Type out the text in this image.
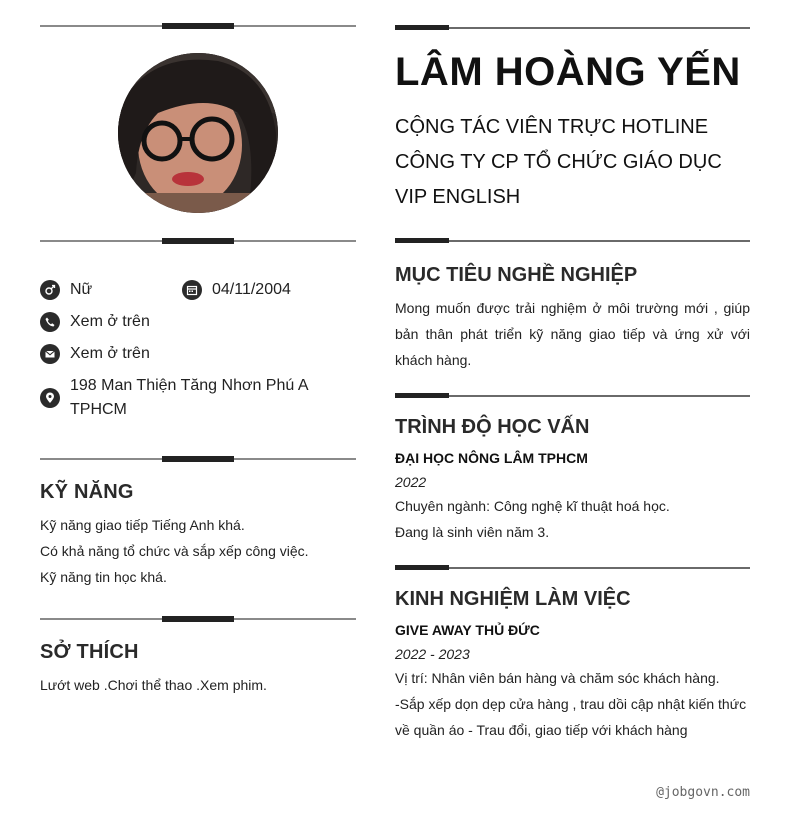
Nữ	04/11/2004
Xem ở trên
Xem ở trên
198 Man Thiện Tăng Nhơn Phú A TPHCM
KỸ NĂNG
Kỹ năng giao tiếp Tiếng Anh khá.
Có khả năng tổ chức và sắp xếp công việc.
Kỹ năng tin học khá.
SỞ THÍCH
Lướt web .Chơi thể thao .Xem phim.
LÂM HOÀNG YẾN
CỘNG TÁC VIÊN TRỰC HOTLINE CÔNG TY CP TỔ CHỨC GIÁO DỤC VIP ENGLISH
MỤC TIÊU NGHỀ NGHIỆP
Mong muốn được trải nghiệm ở môi trường mới , giúp bản thân phát triển kỹ năng giao tiếp và ứng xử với khách hàng.
TRÌNH ĐỘ HỌC VẤN
ĐẠI HỌC NÔNG LÂM TPHCM
2022
Chuyên ngành: Công nghệ kĩ thuật hoá học.
Đang là sinh viên năm 3.
KINH NGHIỆM LÀM VIỆC
GIVE AWAY THỦ ĐỨC
2022 - 2023
Vị trí: Nhân viên bán hàng và chăm sóc khách hàng.
-Sắp xếp dọn dẹp cửa hàng , trau dồi cập nhật kiến thức về quần áo - Trau đổi, giao tiếp với khách hàng
@jobgovn.com
